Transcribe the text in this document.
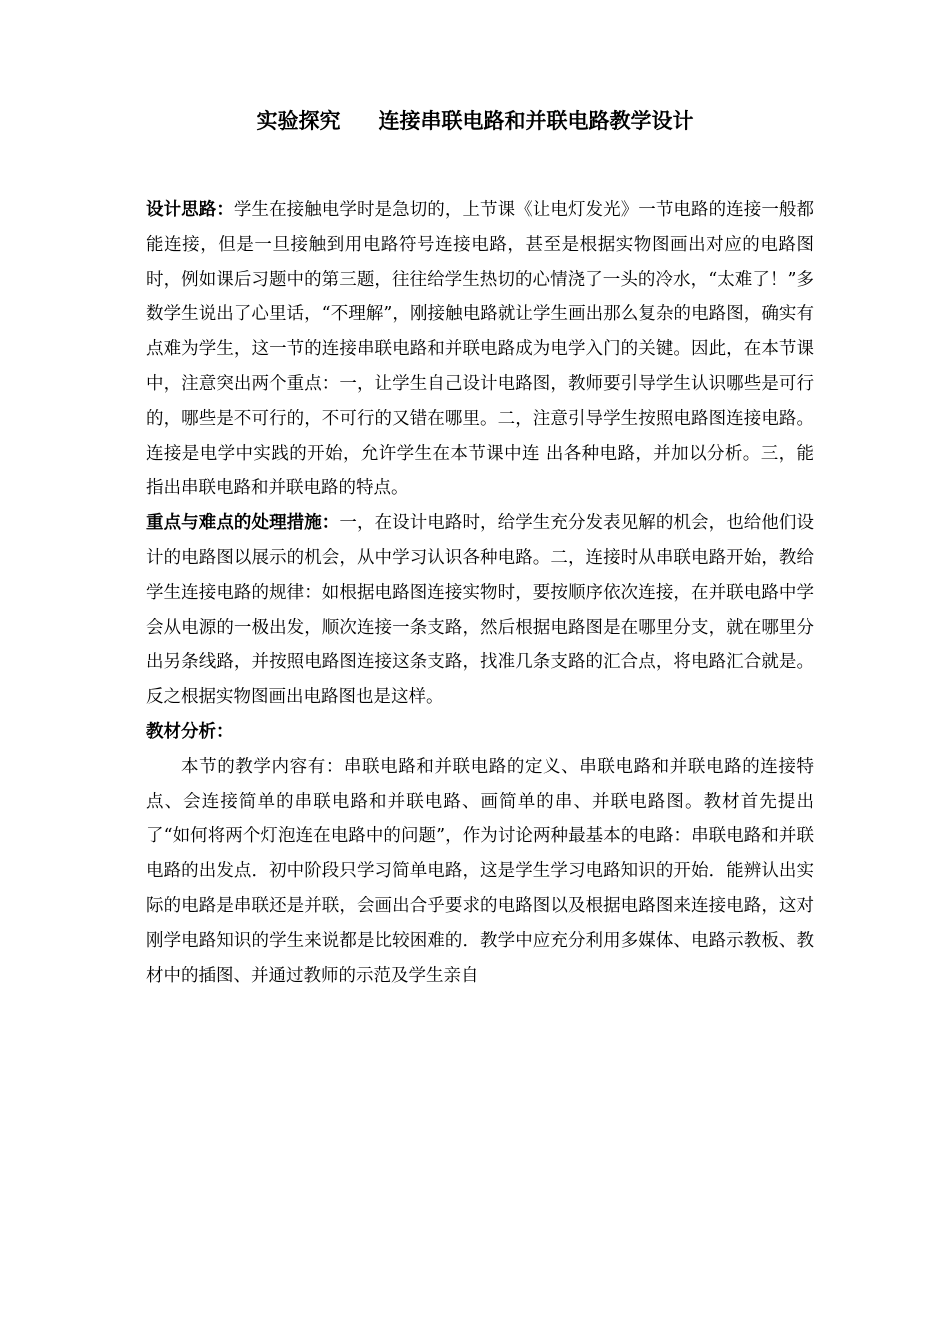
实验探究 连接串联电路和并联电路教学设计

设计思路：学生在接触电学时是急切的，上节课《让电灯发光》一节电路的连接一般都能连接，但是一旦接触到用电路符号连接电路，甚至是根据实物图画出对应的电路图时，例如课后习题中的第三题，往往给学生热切的心情浇了一头的冷水，“太难了！”多数学生说出了心里话，“不理解”，刚接触电路就让学生画出那么复杂的电路图，确实有点难为学生，这一节的连接串联电路和并联电路成为电学入门的关键。因此，在本节课中，注意突出两个重点：一，让学生自己设计电路图，教师要引导学生认识哪些是可行的，哪些是不可行的，不可行的又错在哪里。二，注意引导学生按照电路图连接电路。连接是电学中实践的开始，允许学生在本节课中连 出各种电路，并加以分析。三，能指出串联电路和并联电路的特点。

重点与难点的处理措施：一，在设计电路时，给学生充分发表见解的机会，也给他们设计的电路图以展示的机会，从中学习认识各种电路。二，连接时从串联电路开始，教给学生连接电路的规律：如根据电路图连接实物时，要按顺序依次连接，在并联电路中学会从电源的一极出发，顺次连接一条支路，然后根据电路图是在哪里分支，就在哪里分出另条线路，并按照电路图连接这条支路，找准几条支路的汇合点，将电路汇合就是。反之根据实物图画出电路图也是这样。

教材分析：

本节的教学内容有：串联电路和并联电路的定义、串联电路和并联电路的连接特点、会连接简单的串联电路和并联电路、画简单的串、并联电路图。教材首先提出了“如何将两个灯泡连在电路中的问题”，作为讨论两种最基本的电路：串联电路和并联电路的出发点．初中阶段只学习简单电路，这是学生学习电路知识的开始．能辨认出实际的电路是串联还是并联，会画出合乎要求的电路图以及根据电路图来连接电路，这对刚学电路知识的学生来说都是比较困难的．教学中应充分利用多媒体、电路示教板、教材中的插图、并通过教师的示范及学生亲自
